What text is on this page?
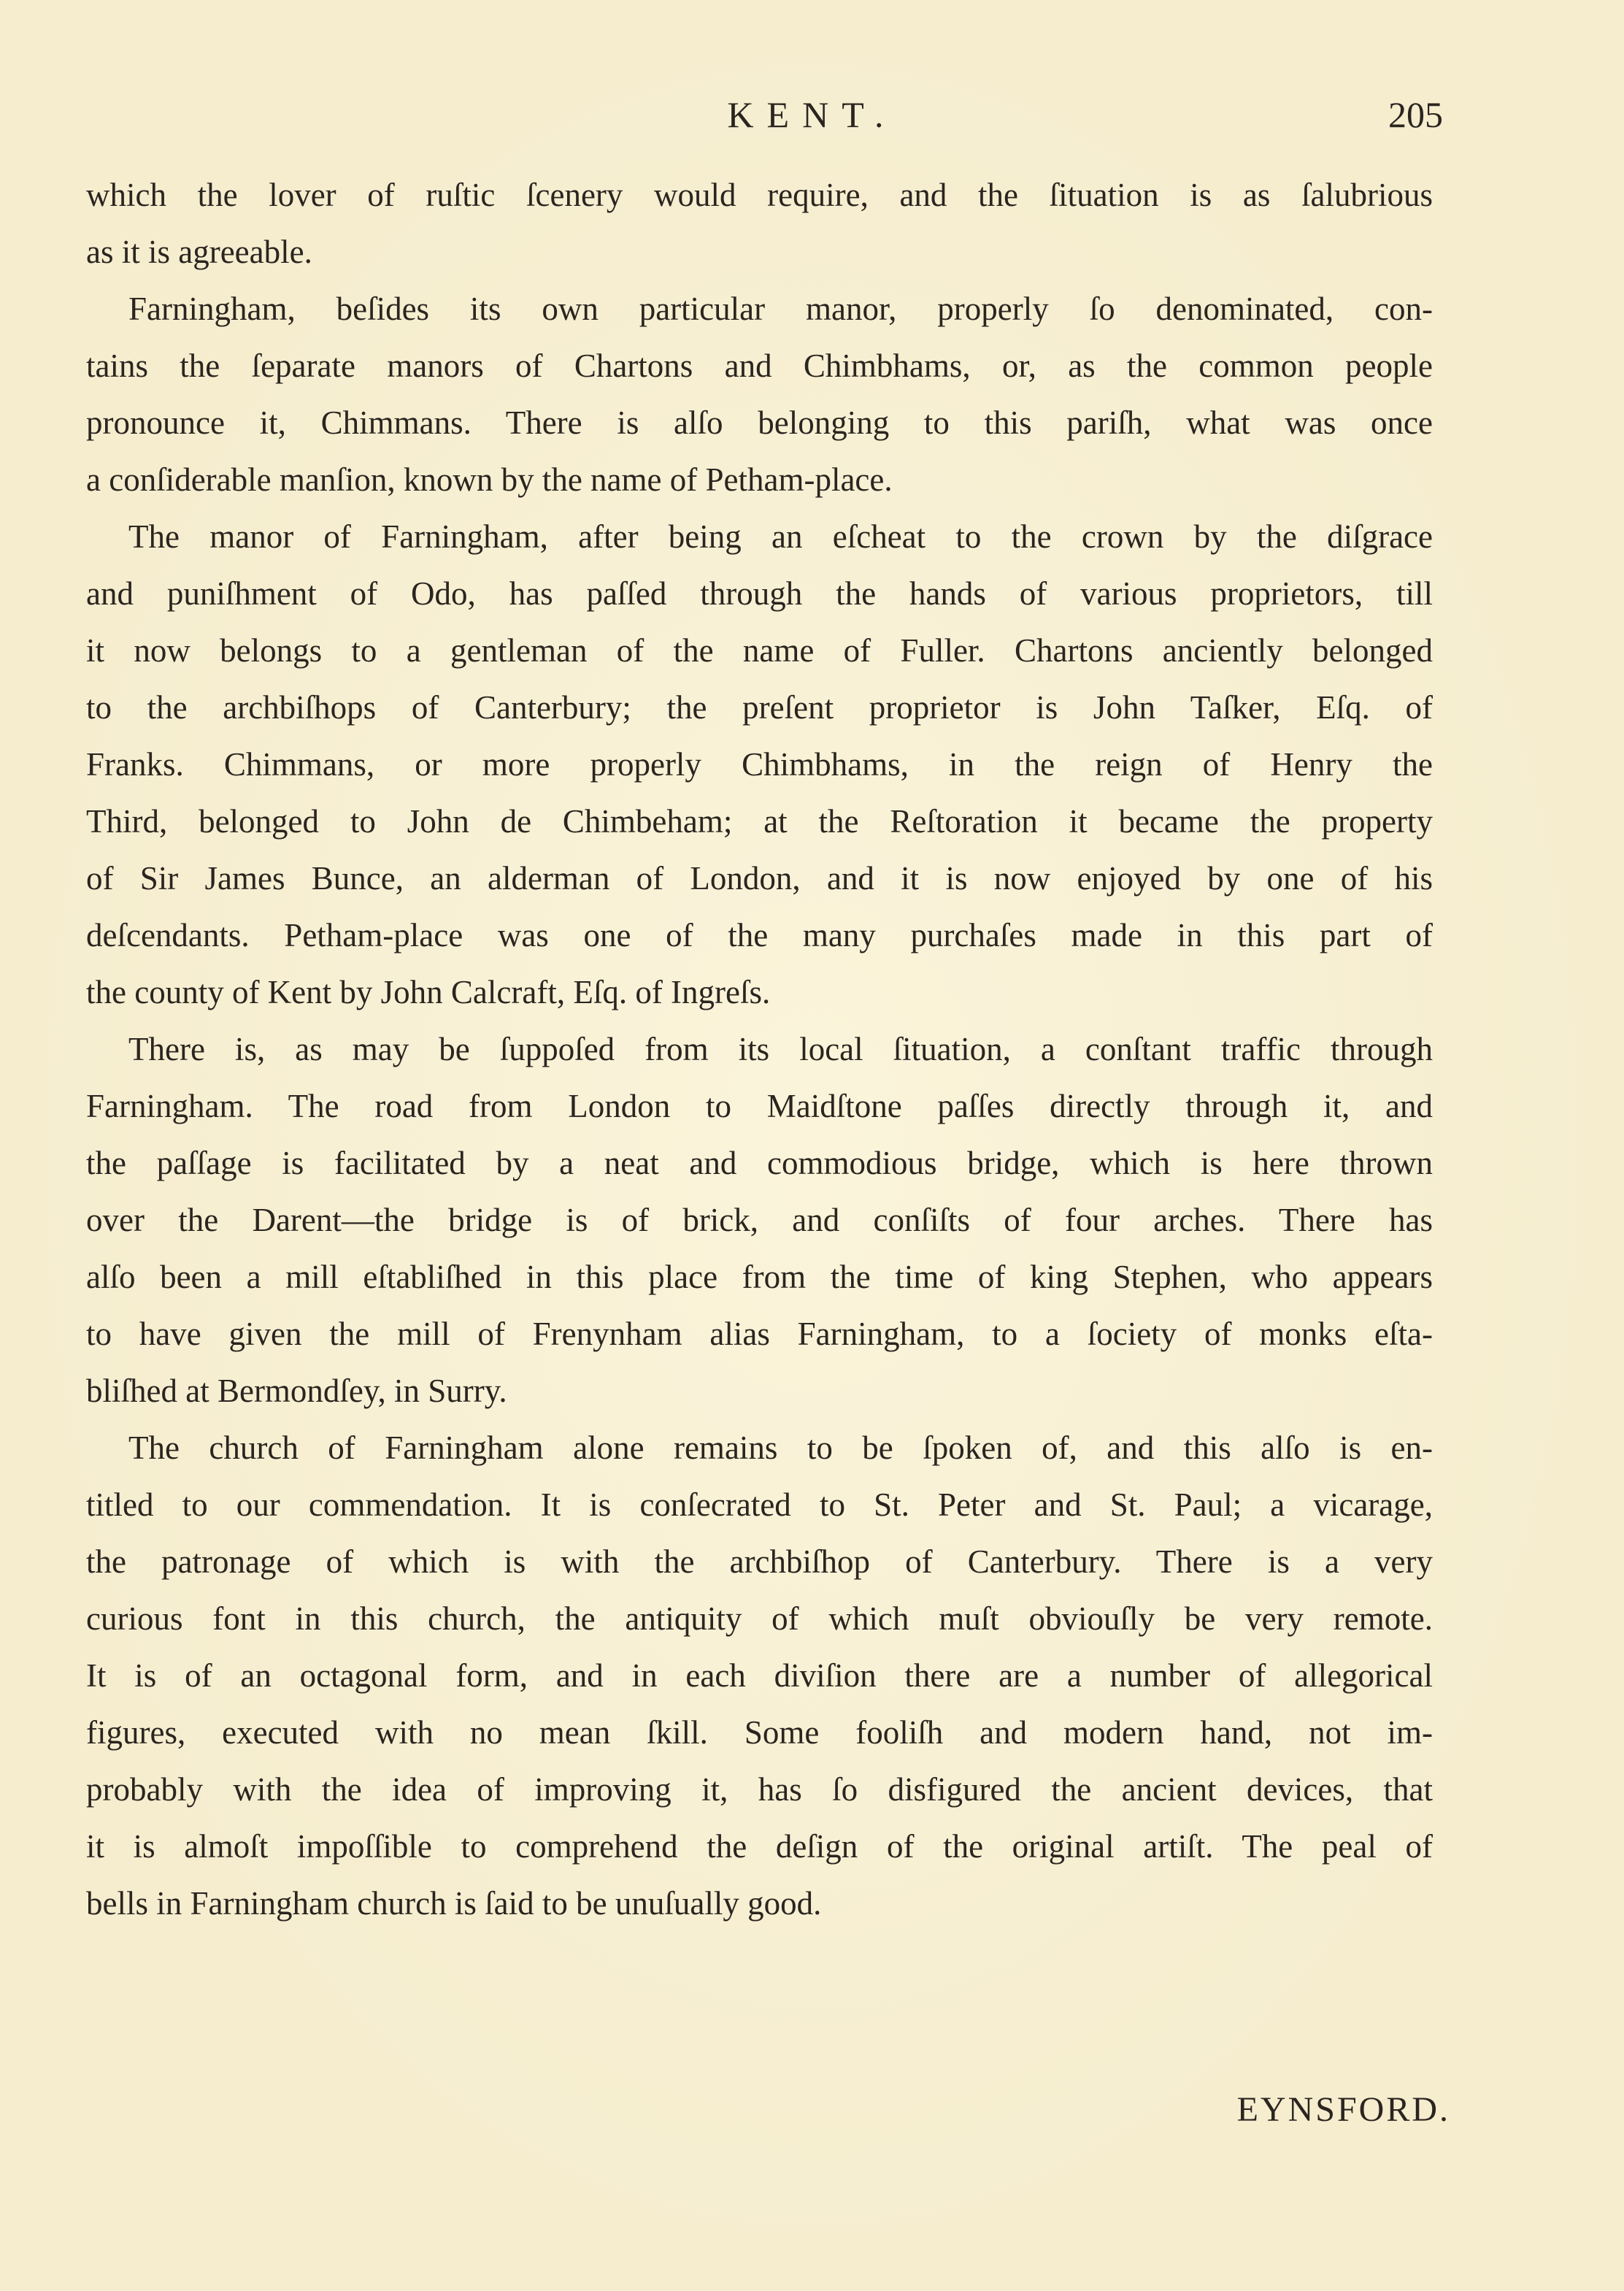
KENT.	205
which the lover of ruſtic ſcenery would require, and the ſituation is as ſalubrious
as it is agreeable.
Farningham, beſides its own particular manor, properly ſo denominated, con-
tains the ſeparate manors of Chartons and Chimbhams, or, as the common people
pronounce it, Chimmans. There is alſo belonging to this pariſh, what was once
a conſiderable manſion, known by the name of Petham-place.
The manor of Farningham, after being an eſcheat to the crown by the diſgrace
and puniſhment of Odo, has paſſed through the hands of various proprietors, till
it now belongs to a gentleman of the name of Fuller. Chartons anciently belonged
to the archbiſhops of Canterbury; the preſent proprietor is John Taſker, Eſq. of
Franks. Chimmans, or more properly Chimbhams, in the reign of Henry the
Third, belonged to John de Chimbeham; at the Reſtoration it became the property
of Sir James Bunce, an alderman of London, and it is now enjoyed by one of his
deſcendants. Petham-place was one of the many purchaſes made in this part of
the county of Kent by John Calcraft, Eſq. of Ingreſs.
There is, as may be ſuppoſed from its local ſituation, a conſtant traffic through
Farningham. The road from London to Maidſtone paſſes directly through it, and
the paſſage is facilitated by a neat and commodious bridge, which is here thrown
over the Darent—the bridge is of brick, and conſiſts of four arches. There has
alſo been a mill eſtabliſhed in this place from the time of king Stephen, who appears
to have given the mill of Frenynham alias Farningham, to a ſociety of monks eſta-
bliſhed at Bermondſey, in Surry.
The church of Farningham alone remains to be ſpoken of, and this alſo is en-
titled to our commendation. It is conſecrated to St. Peter and St. Paul; a vicarage,
the patronage of which is with the archbiſhop of Canterbury. There is a very
curious font in this church, the antiquity of which muſt obviouſly be very remote.
It is of an octagonal form, and in each diviſion there are a number of allegorical
figures, executed with no mean ſkill. Some fooliſh and modern hand, not im-
probably with the idea of improving it, has ſo disfigured the ancient devices, that
it is almoſt impoſſible to comprehend the deſign of the original artiſt. The peal of
bells in Farningham church is ſaid to be unuſually good.
EYNSFORD.
